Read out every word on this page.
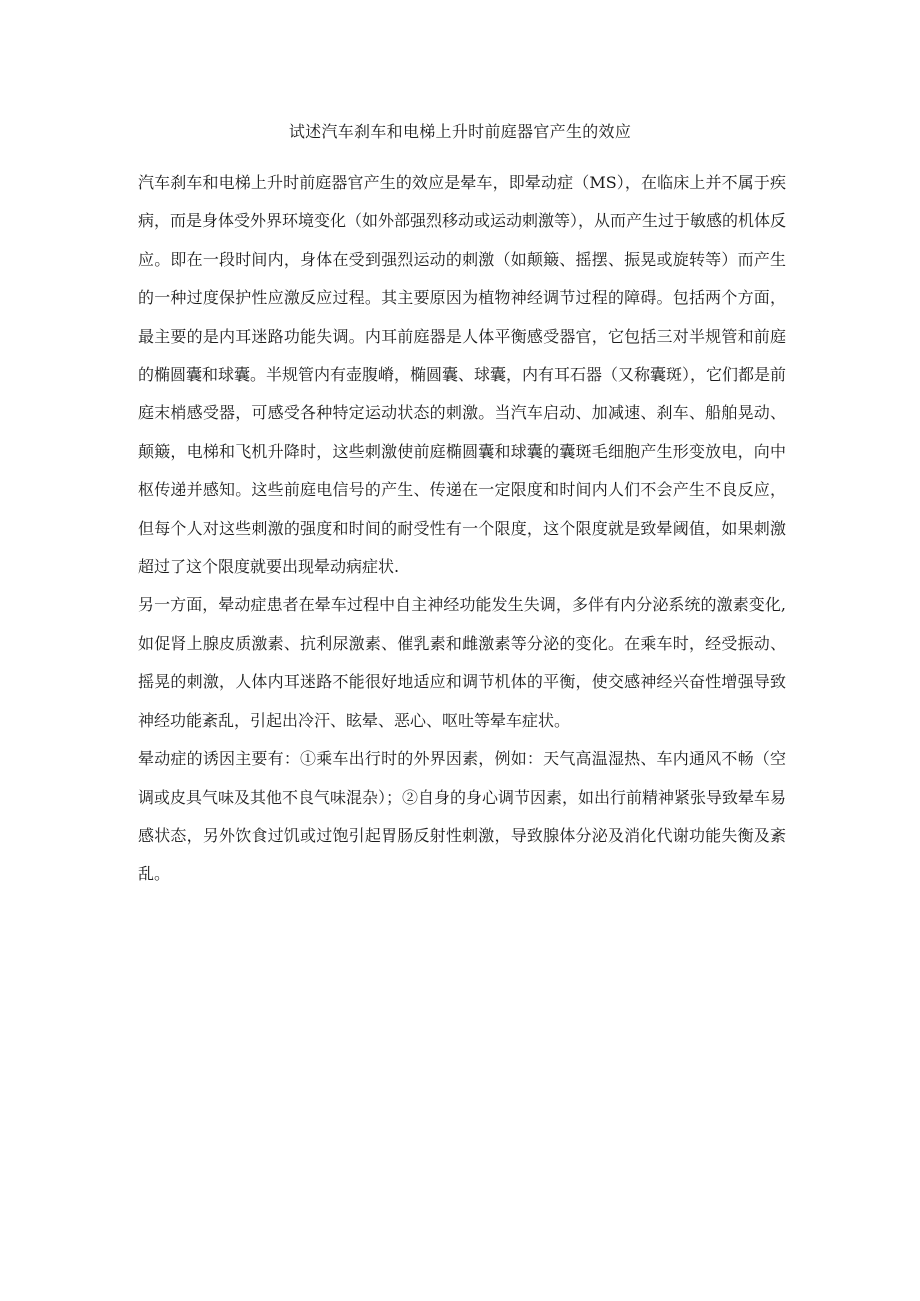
试述汽车刹车和电梯上升时前庭器官产生的效应

汽车刹车和电梯上升时前庭器官产生的效应是晕车，即晕动症（MS），在临床上并不属于疾病，而是身体受外界环境变化（如外部强烈移动或运动刺激等），从而产生过于敏感的机体反应。即在一段时间内，身体在受到强烈运动的刺激（如颠簸、摇摆、振晃或旋转等）而产生的一种过度保护性应激反应过程。其主要原因为植物神经调节过程的障碍。包括两个方面，最主要的是内耳迷路功能失调。内耳前庭器是人体平衡感受器官，它包括三对半规管和前庭的椭圆囊和球囊。半规管内有壶腹嵴，椭圆囊、球囊，内有耳石器（又称囊斑），它们都是前庭末梢感受器，可感受各种特定运动状态的刺激。当汽车启动、加减速、刹车、船舶晃动、颠簸，电梯和飞机升降时，这些刺激使前庭椭圆囊和球囊的囊斑毛细胞产生形变放电，向中枢传递并感知。这些前庭电信号的产生、传递在一定限度和时间内人们不会产生不良反应，但每个人对这些刺激的强度和时间的耐受性有一个限度，这个限度就是致晕阈值，如果刺激超过了这个限度就要出现晕动病症状.

另一方面，晕动症患者在晕车过程中自主神经功能发生失调，多伴有内分泌系统的激素变化,如促肾上腺皮质激素、抗利尿激素、催乳素和雌激素等分泌的变化。在乘车时，经受振动、摇晃的刺激，人体内耳迷路不能很好地适应和调节机体的平衡，使交感神经兴奋性增强导致神经功能紊乱，引起出冷汗、眩晕、恶心、呕吐等晕车症状。

晕动症的诱因主要有：①乘车出行时的外界因素，例如：天气高温湿热、车内通风不畅（空调或皮具气味及其他不良气味混杂）；②自身的身心调节因素，如出行前精神紧张导致晕车易感状态，另外饮食过饥或过饱引起胃肠反射性刺激，导致腺体分泌及消化代谢功能失衡及紊乱。
